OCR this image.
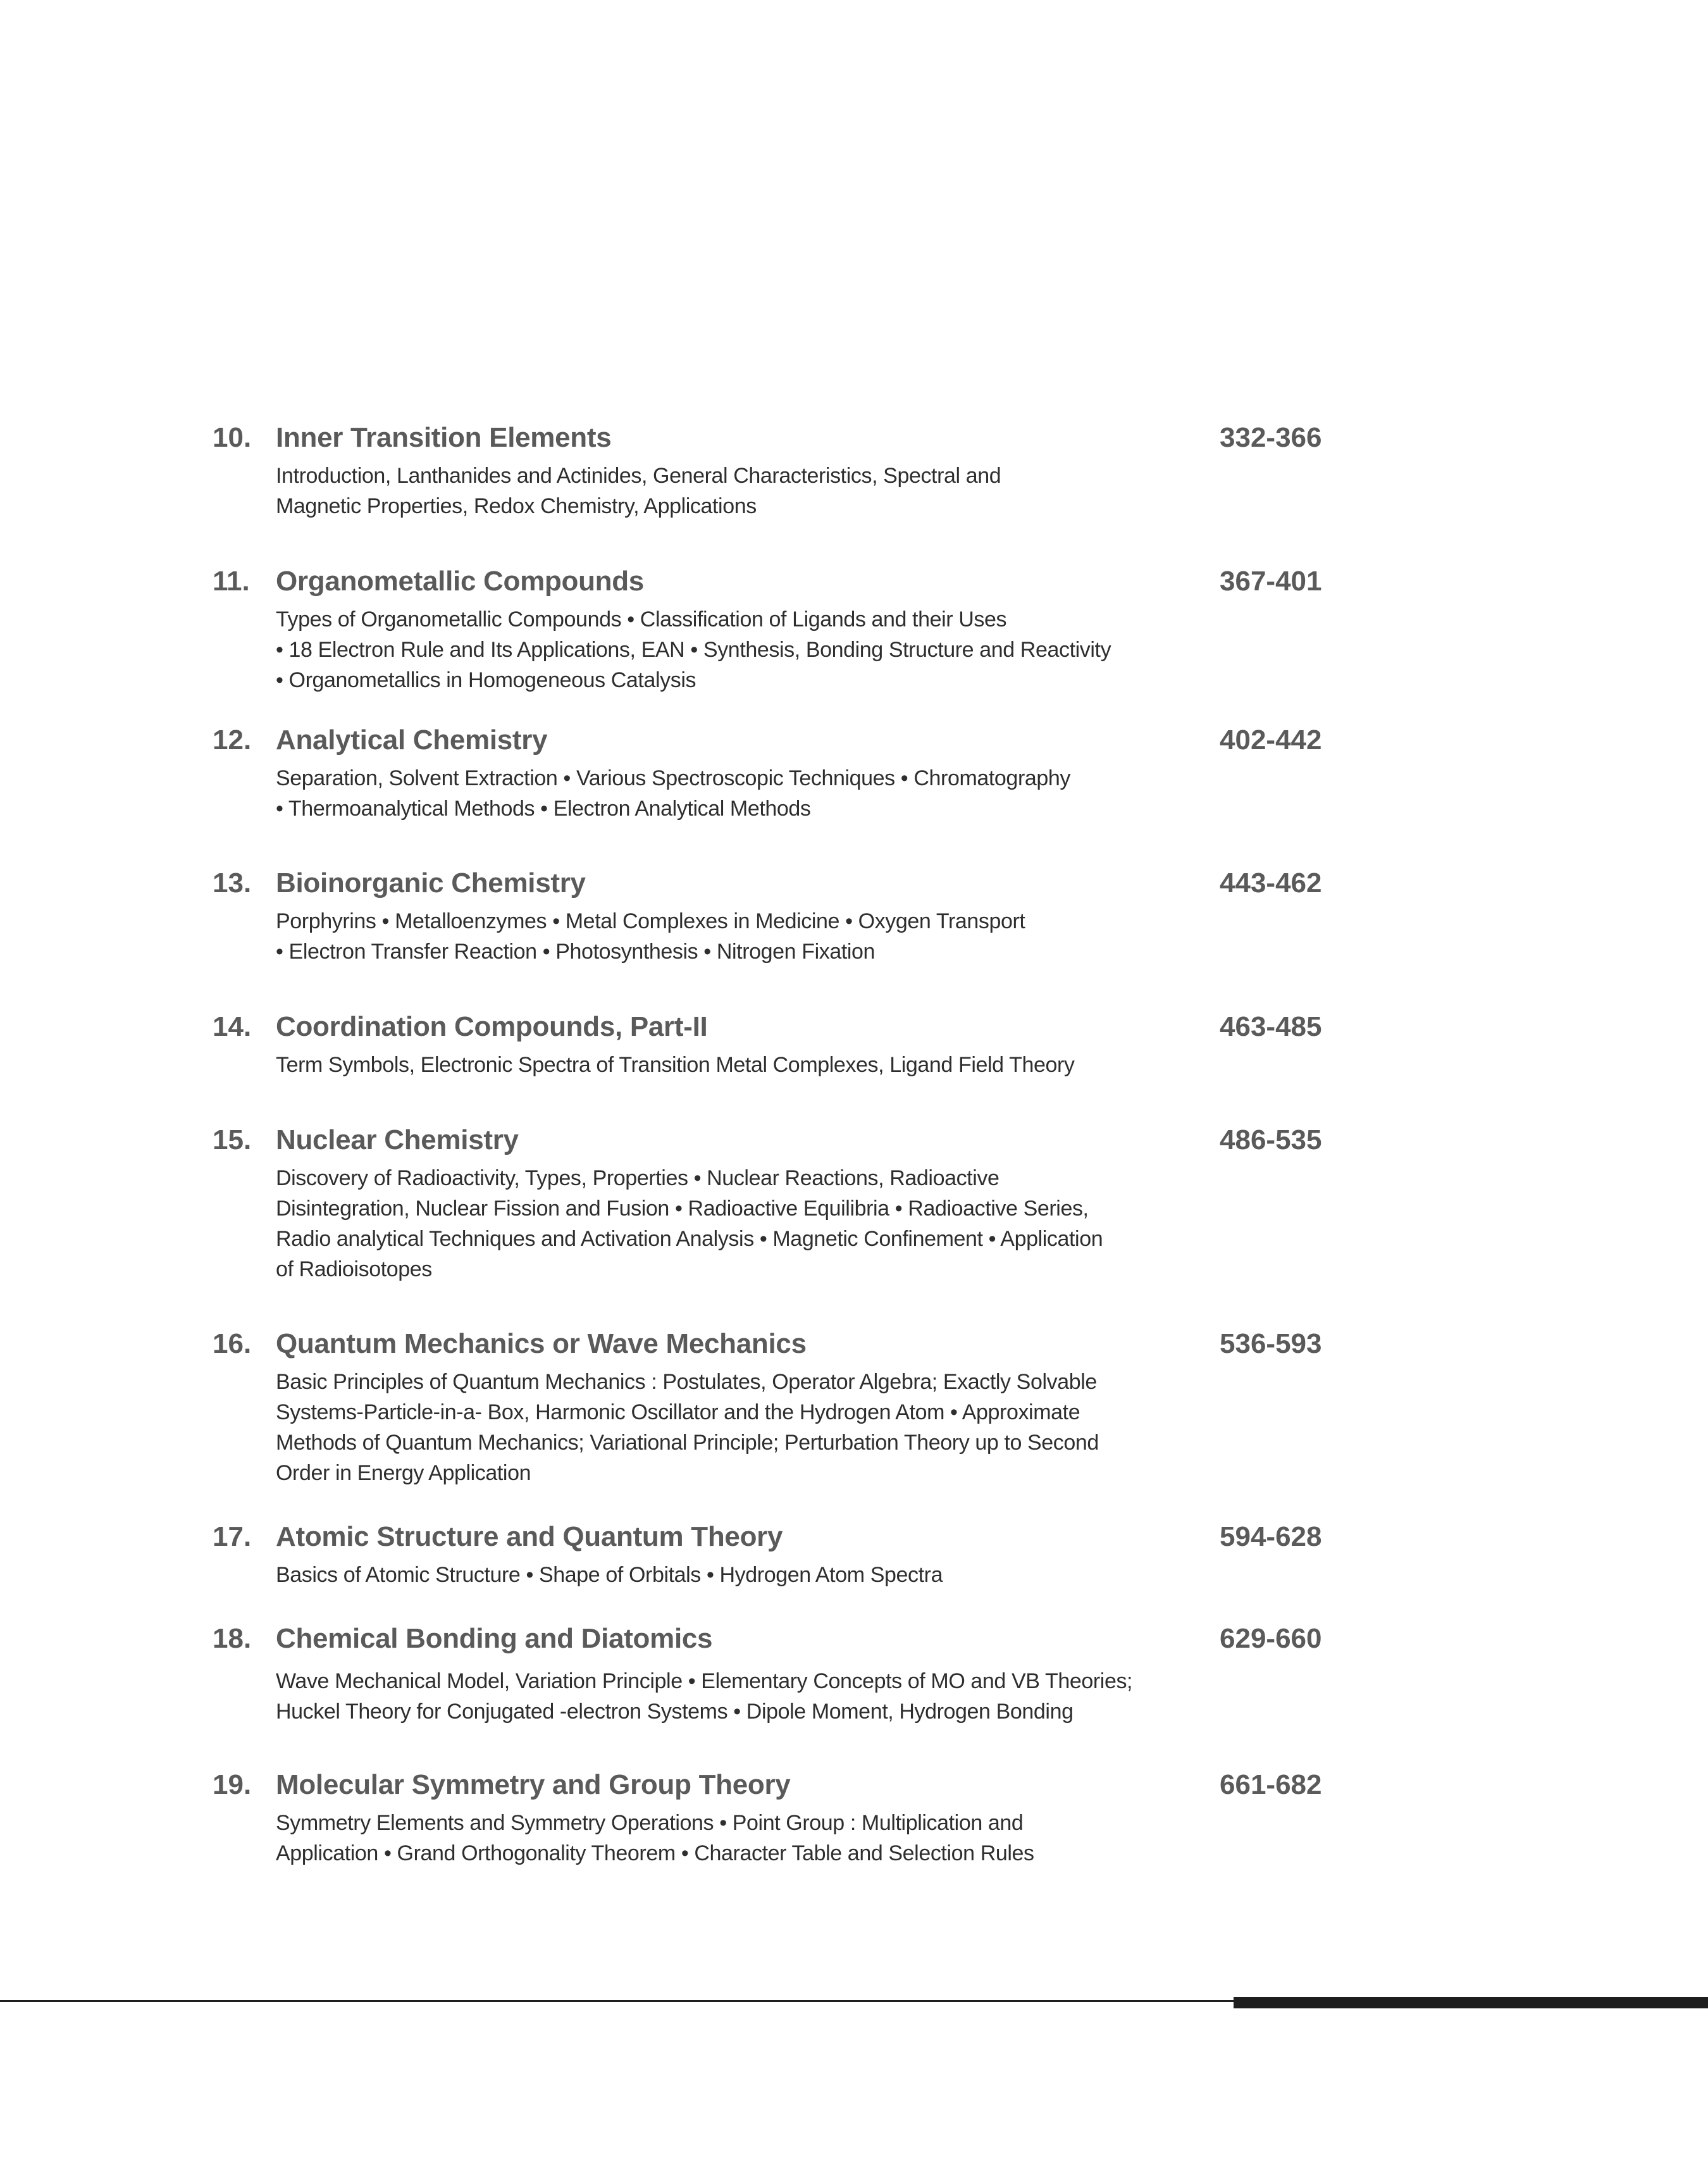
10. Inner Transition Elements	332-366
Introduction, Lanthanides and Actinides, General Characteristics, Spectral and
Magnetic Properties, Redox Chemistry, Applications
11. Organometallic Compounds	367-401
Types of Organometallic Compounds • Classification of Ligands and their Uses
• 18 Electron Rule and Its Applications, EAN • Synthesis, Bonding Structure and Reactivity
• Organometallics in Homogeneous Catalysis
12. Analytical Chemistry	402-442
Separation, Solvent Extraction • Various Spectroscopic Techniques • Chromatography
• Thermoanalytical Methods • Electron Analytical Methods
13. Bioinorganic Chemistry	443-462
Porphyrins • Metalloenzymes • Metal Complexes in Medicine • Oxygen Transport
• Electron Transfer Reaction • Photosynthesis • Nitrogen Fixation
14. Coordination Compounds, Part-II	463-485
Term Symbols, Electronic Spectra of Transition Metal Complexes, Ligand Field Theory
15. Nuclear Chemistry	486-535
Discovery of Radioactivity, Types, Properties • Nuclear Reactions, Radioactive
Disintegration, Nuclear Fission and Fusion • Radioactive Equilibria • Radioactive Series,
Radio analytical Techniques and Activation Analysis • Magnetic Confinement • Application
of Radioisotopes
16. Quantum Mechanics or Wave Mechanics	536-593
Basic Principles of Quantum Mechanics : Postulates, Operator Algebra; Exactly Solvable
Systems-Particle-in-a- Box, Harmonic Oscillator and the Hydrogen Atom • Approximate
Methods of Quantum Mechanics; Variational Principle; Perturbation Theory up to Second
Order in Energy Application
17. Atomic Structure and Quantum Theory	594-628
Basics of Atomic Structure • Shape of Orbitals • Hydrogen Atom Spectra
18. Chemical Bonding and Diatomics	629-660
Wave Mechanical Model, Variation Principle • Elementary Concepts of MO and VB Theories;
Huckel Theory for Conjugated -electron Systems • Dipole Moment, Hydrogen Bonding
19. Molecular Symmetry and Group Theory	661-682
Symmetry Elements and Symmetry Operations • Point Group : Multiplication and
Application • Grand Orthogonality Theorem • Character Table and Selection Rules
